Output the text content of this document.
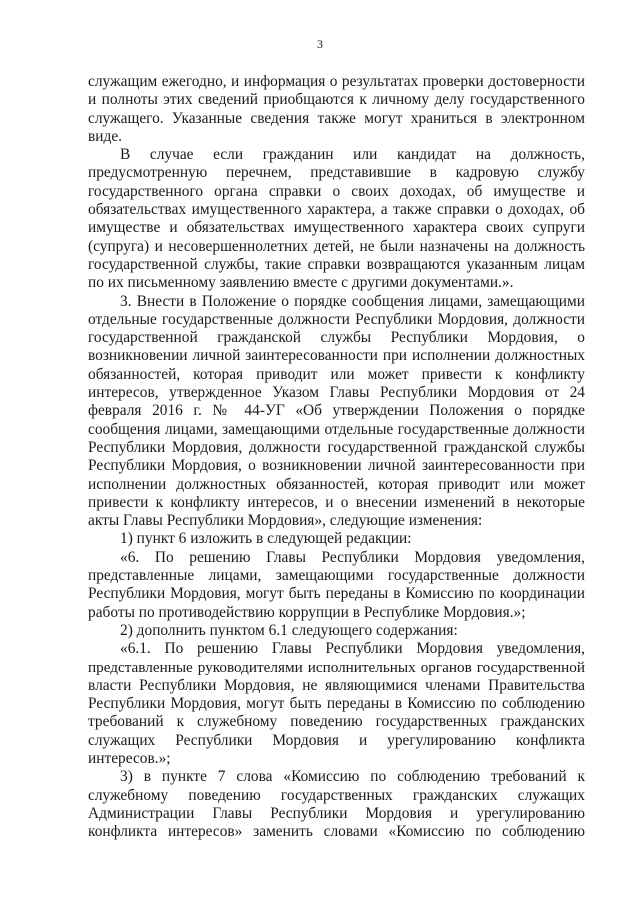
3
служащим ежегодно, и информация о результатах проверки достоверности
и полноты этих сведений приобщаются к личному делу государственного
служащего. Указанные сведения также могут храниться в электронном
виде.
В случае если гражданин или кандидат на должность,
предусмотренную перечнем, представившие в кадровую службу
государственного органа справки о своих доходах, об имуществе и
обязательствах имущественного характера, а также справки о доходах, об
имуществе и обязательствах имущественного характера своих супруги
(супруга) и несовершеннолетних детей, не были назначены на должность
государственной службы, такие справки возвращаются указанным лицам
по их письменному заявлению вместе с другими документами.».
3. Внести в Положение о порядке сообщения лицами, замещающими
отдельные государственные должности Республики Мордовия, должности
государственной гражданской службы Республики Мордовия, о
возникновении личной заинтересованности при исполнении должностных
обязанностей, которая приводит или может привести к конфликту
интересов, утвержденное Указом Главы Республики Мордовия от 24
февраля 2016 г. № 44-УГ «Об утверждении Положения о порядке
сообщения лицами, замещающими отдельные государственные должности
Республики Мордовия, должности государственной гражданской службы
Республики Мордовия, о возникновении личной заинтересованности при
исполнении должностных обязанностей, которая приводит или может
привести к конфликту интересов, и о внесении изменений в некоторые
акты Главы Республики Мордовия», следующие изменения:
1) пункт 6 изложить в следующей редакции:
«6. По решению Главы Республики Мордовия уведомления,
представленные лицами, замещающими государственные должности
Республики Мордовия, могут быть переданы в Комиссию по координации
работы по противодействию коррупции в Республике Мордовия.»;
2) дополнить пунктом 6.1 следующего содержания:
«6.1. По решению Главы Республики Мордовия уведомления,
представленные руководителями исполнительных органов государственной
власти Республики Мордовия, не являющимися членами Правительства
Республики Мордовия, могут быть переданы в Комиссию по соблюдению
требований к служебному поведению государственных гражданских
служащих Республики Мордовия и урегулированию конфликта
интересов.»;
3) в пункте 7 слова «Комиссию по соблюдению требований к
служебному поведению государственных гражданских служащих
Администрации Главы Республики Мордовия и урегулированию
конфликта интересов» заменить словами «Комиссию по соблюдению
